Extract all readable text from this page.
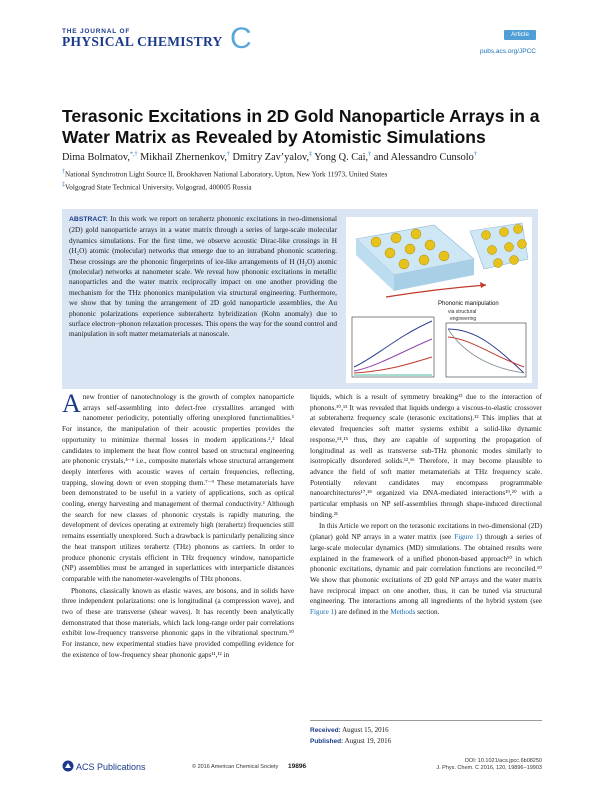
THE JOURNAL OF
PHYSICAL CHEMISTRY C	Article
pubs.acs.org/JPCC
Terasonic Excitations in 2D Gold Nanoparticle Arrays in a Water Matrix as Revealed by Atomistic Simulations
Dima Bolmatov,*,† Mikhail Zhernenkov,† Dmitry Zav’yalov,‡ Yong Q. Cai,† and Alessandro Cunsolo†
†National Synchrotron Light Source II, Brookhaven National Laboratory, Upton, New York 11973, United States
‡Volgograd State Technical University, Volgograd, 400005 Russia
ABSTRACT: In this work we report on terahertz phononic excitations in two-dimensional (2D) gold nanoparticle arrays in a water matrix through a series of large-scale molecular dynamics simulations. For the first time, we observe acoustic Dirac-like crossings in H (H₂O) atomic (molecular) networks that emerge due to an intraband phononic scattering. These crossings are the phononic fingerprints of ice-like arrangements of H (H₂O) atomic (molecular) networks at nanometer scale. We reveal how phononic excitations in metallic nanoparticles and the water matrix reciprocally impact on one another providing the mechanism for the THz phononics manipulation via structural engineering. Furthermore, we show that by tuning the arrangement of 2D gold nanoparticle assemblies, the Au phononic polarizations experience subterahertz hybridization (Kohn anomaly) due to surface electron−phonon relaxation processes. This opens the way for the sound control and manipulation in soft matter metamaterials at nanoscale.
Phononic manipulation
via structural
engineering

Anew frontier of nanotechnology is the growth of complex nanoparticle arrays self-assembling into defect-free crystallites arranged with nanometer periodicity, potentially offering unexplored functionalities.¹ For instance, the manipulation of their acoustic properties provides the opportunity to minimize thermal losses in modern applications.²,³ Ideal candidates to implement the heat flow control based on structural engineering are phononic crystals,⁴⁻⁶ i.e., composite materials whose structural arrangement deeply interferes with acoustic waves of certain frequencies, reflecting, trapping, slowing down or even stopping them.⁷⁻⁹ These metamaterials have been demonstrated to be useful in a variety of applications, such as optical cooling, energy harvesting and management of thermal conductivity.¹ Although the search for new classes of phononic crystals is rapidly maturing, the development of devices operating at extremely high (terahertz) frequencies still remains essentially unexplored. Such a drawback is particularly penalizing since the heat transport utilizes terahertz (THz) phonons as carriers. In order to produce phononic crystals efficient in THz frequency window, nanoparticle (NP) assemblies must be arranged in superlattices with interparticle distances comparable with the nanometer-wavelengths of THz phonons.

Phonons, classically known as elastic waves, are bosons, and in solids have three independent polarizations: one is longitudinal (a compression wave), and two of these are transverse (shear waves). It has recently been analytically demonstrated that those materials, which lack long-range order pair correlations exhibit low-frequency transverse phononic gaps in the vibrational spectrum.¹⁰ For instance, new experimental studies have provided compelling evidence for the existence of low-frequency shear phononic gaps¹¹,¹² in

liquids, which is a result of symmetry breaking¹³ due to the interaction of phonons.¹⁰,¹³ It was revealed that liquids undergo a viscous-to-elastic crossover at subterahertz frequency scale (terasonic excitations).¹² This implies that at elevated frequencies soft matter systems exhibit a solid-like dynamic response,¹⁴,¹⁵ thus, they are capable of supporting the propagation of longitudinal as well as transverse sub-THz phononic modes similarly to isotropically disordered solids.¹²,¹⁶ Therefore, it may become plausible to advance the field of soft matter metamaterials at THz frequency scale. Potentially relevant candidates may encompass programmable nanoarchitectures¹⁷,¹⁸ organized via DNA-mediated interactions¹⁹,²⁰ with a particular emphasis on NP self-assemblies through shape-induced directional binding.²¹

In this Article we report on the terasonic excitations in two-dimensional (2D) (planar) gold NP arrays in a water matrix (see Figure 1) through a series of large-scale molecular dynamics (MD) simulations. The obtained results were explained in the framework of a unified phonon-based approach¹⁰ in which phononic excitations, dynamic and pair correlation functions are reconciled.¹⁰ We show that phononic excitations of 2D gold NP arrays and the water matrix have reciprocal impact on one another, thus, it can be tuned via structural engineering. The interactions among all ingredients of the hybrid system (see Figure 1) are defined in the Methods section.

Received: August 15, 2016
Published: August 19, 2016
ACS Publications	© 2016 American Chemical Society 19896
DOI: 10.1021/acs.jpcc.6b08250
J. Phys. Chem. C 2016, 120, 19896−19903
